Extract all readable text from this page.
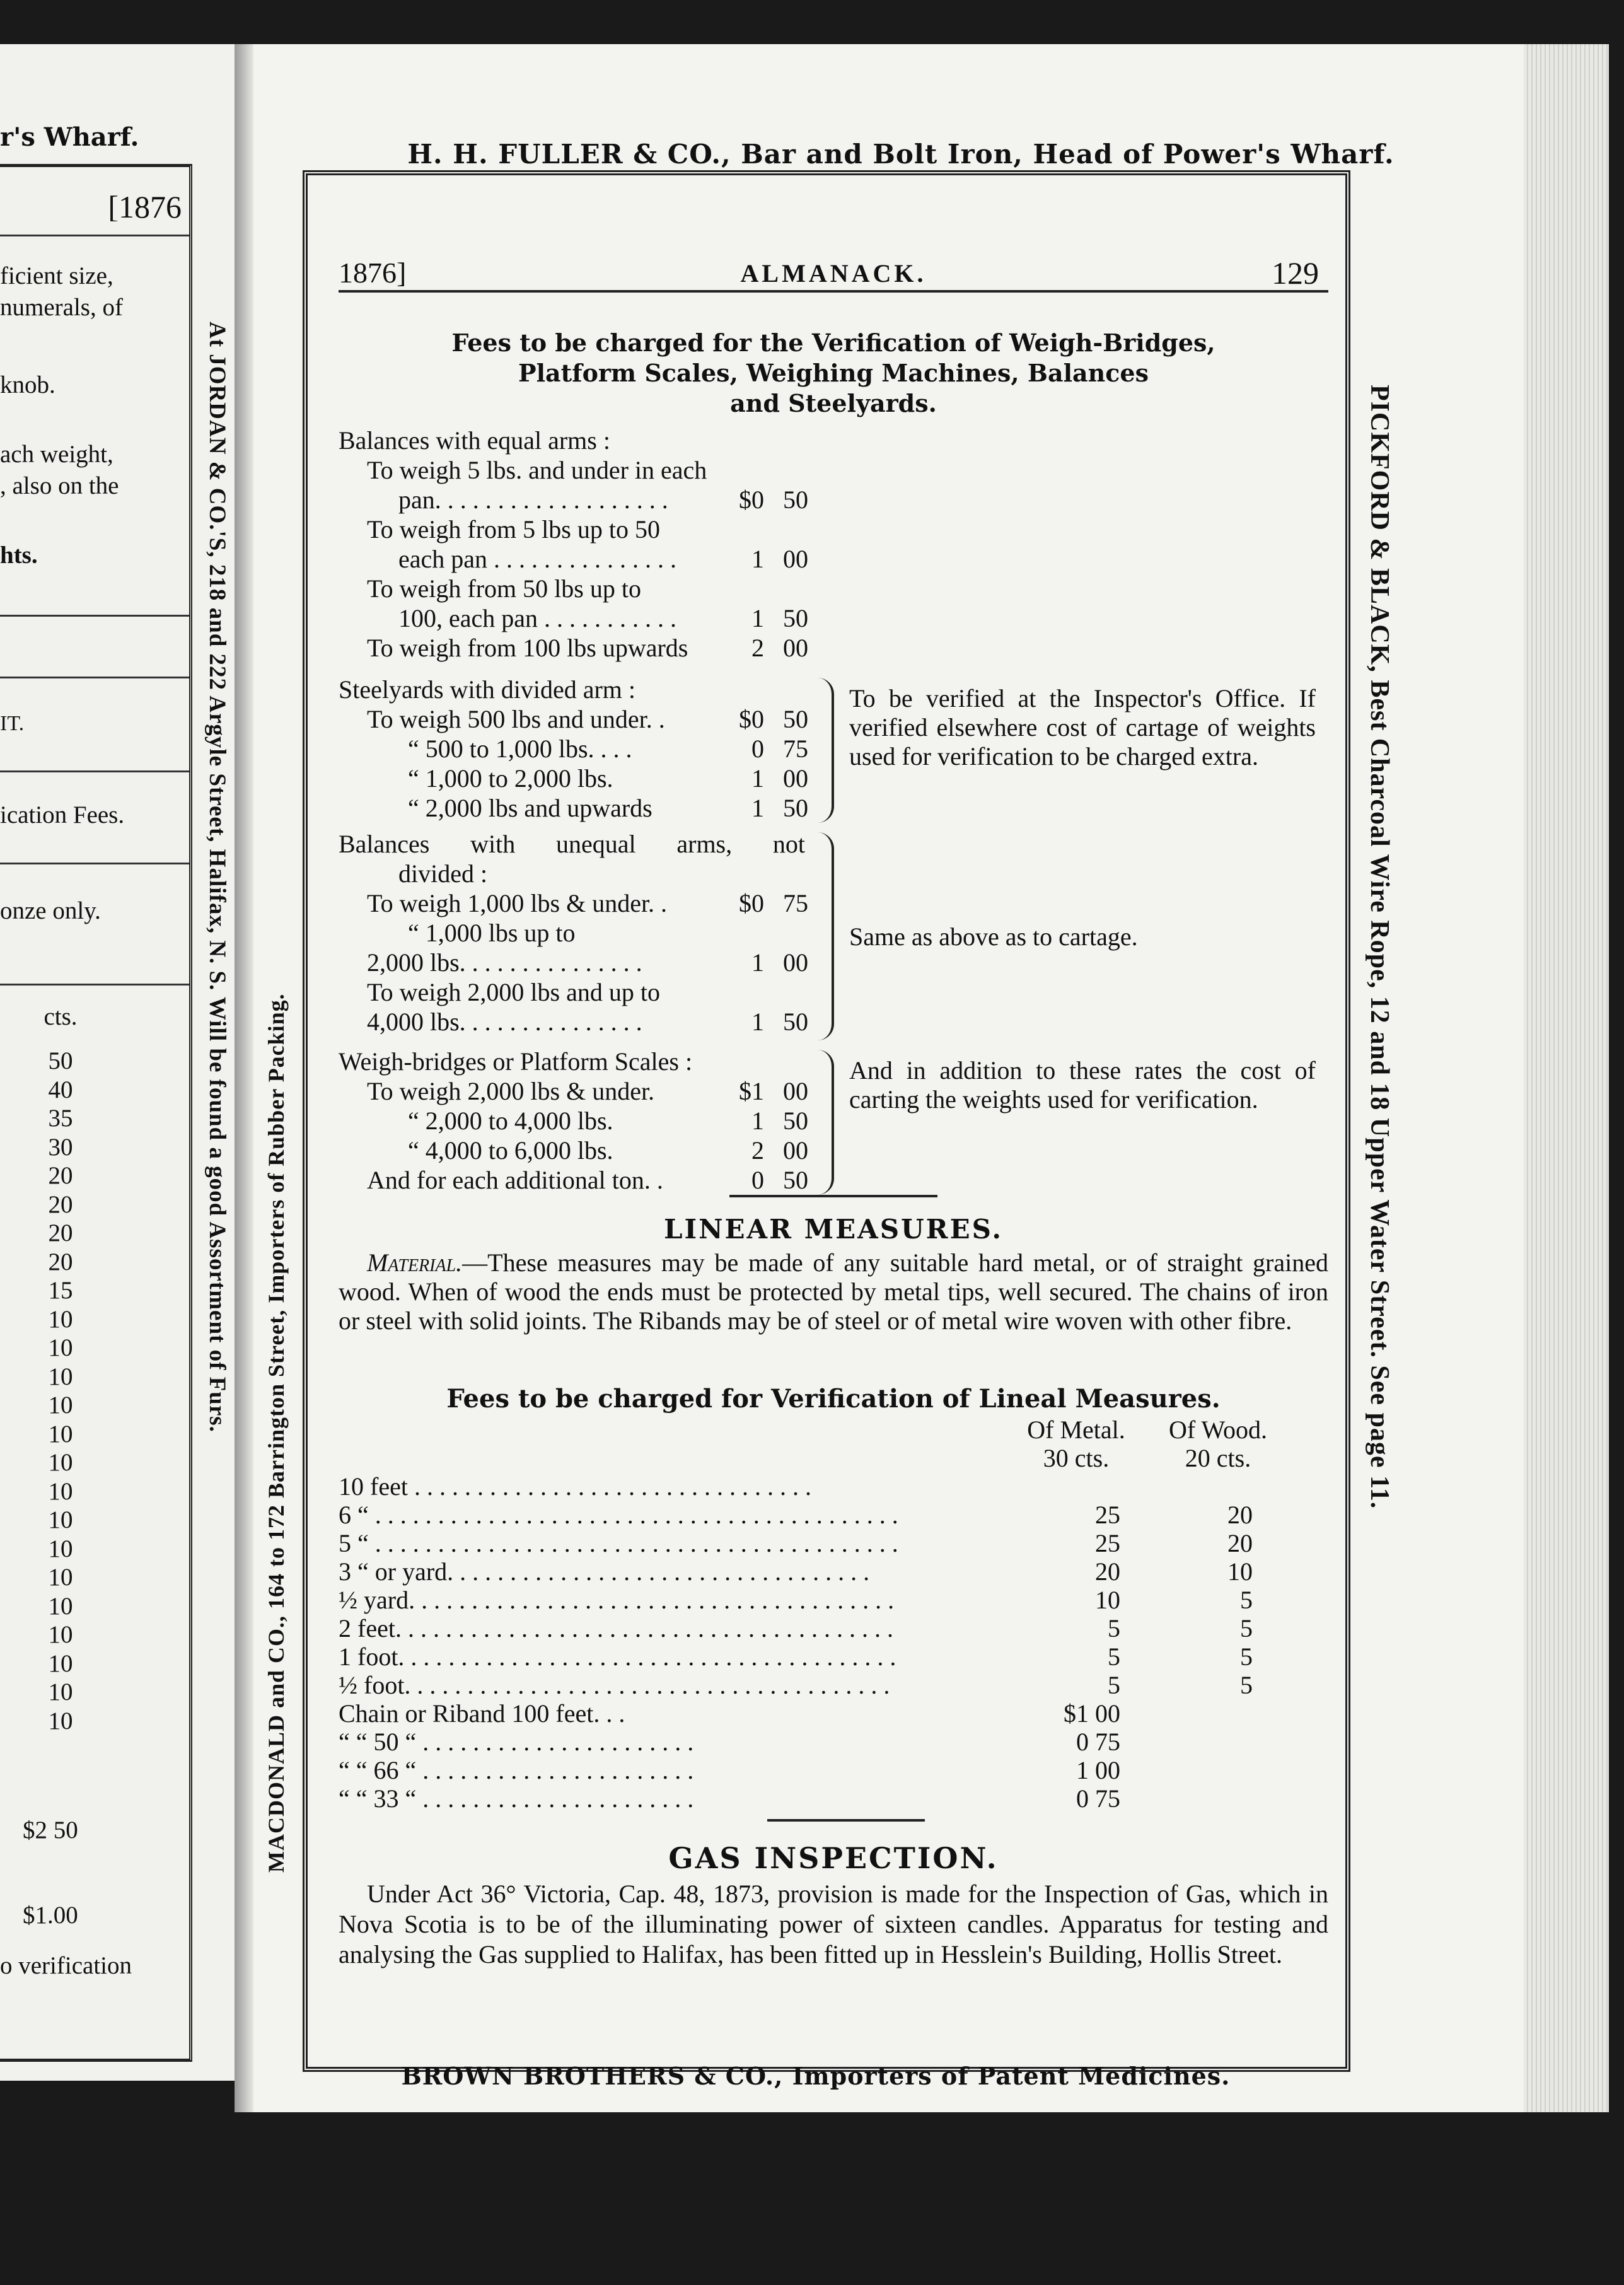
r's Wharf.
[1876
ficient size,
numerals, of
knob.
ach weight,
, also on the
hts.
IT.
ication Fees.
onze only.
cts.
50
40
35
30
20
20
20
20
15
10
10
10
10
10
10
10
10
10
10
10
10
10
10
10
$2 50
$1.00
o verification
At JORDAN & CO.'S, 218 and 222 Argyle Street, Halifax, N. S. Will be found a good Assortment of Furs.
H. H. FULLER & CO., Bar and Bolt Iron, Head of Power's Wharf.
MACDONALD and CO., 164 to 172 Barrington Street, Importers of Rubber Packing.	PICKFORD & BLACK, Best Charcoal Wire Rope, 12 and 18 Upper Water Street. See page 11.
BROWN BROTHERS & CO., Importers of Patent Medicines.
1876]	ALMANACK.	129
Fees to be charged for the Verification of Weigh-Bridges,
Platform Scales, Weighing Machines, Balances
and Steelyards.
Balances with equal arms :
To weigh 5 lbs. and under in each
pan. . . . . . . . . . . . . . . . . . .	$0 50
To weigh from 5 lbs up to 50
each pan . . . . . . . . . . . . . . .	1 00
To weigh from 50 lbs up to
100, each pan . . . . . . . . . . .	1 50
To weigh from 100 lbs upwards	2 00
Steelyards with divided arm :
To weigh 500 lbs and under. .	$0 50
“ 500 to 1,000 lbs. . . .	0 75
“ 1,000 to 2,000 lbs.	1 00
“ 2,000 lbs and upwards	1 50
To be verified at the Inspector's Office. If verified elsewhere cost of cartage of weights used for verification to be charged extra.
Balances with unequal arms, not
divided :
To weigh 1,000 lbs & under. .	$0 75
“ 1,000 lbs up to
2,000 lbs. . . . . . . . . . . . . . .	1 00
To weigh 2,000 lbs and up to
4,000 lbs. . . . . . . . . . . . . . .	1 50
Same as above as to cartage.
Weigh-bridges or Platform Scales :
To weigh 2,000 lbs & under.	$1 00
“ 2,000 to 4,000 lbs.	1 50
“ 4,000 to 6,000 lbs.	2 00
And for each additional ton. .	0 50
And in addition to these rates the cost of carting the weights used for verification.
LINEAR MEASURES.
Material.—These measures may be made of any suitable hard metal, or of straight grained wood. When of wood the ends must be protected by metal tips, well secured. The chains of iron or steel with solid joints. The Ribands may be of steel or of metal wire woven with other fibre.
Fees to be charged for Verification of Lineal Measures.
Of Metal.	Of Wood.
30 cts.	20 cts.
10 feet . . . . . . . . . . . . . . . . . . . . . . . . . . . . . . . .
6 “ . . . . . . . . . . . . . . . . . . . . . . . . . . . . . . . . . . . . . . . . . .	25	20
5 “ . . . . . . . . . . . . . . . . . . . . . . . . . . . . . . . . . . . . . . . . . .	25	20
3 “ or yard. . . . . . . . . . . . . . . . . . . . . . . . . . . . . . . . . .	20	10
½ yard. . . . . . . . . . . . . . . . . . . . . . . . . . . . . . . . . . . . . . .	10	5
2 feet. . . . . . . . . . . . . . . . . . . . . . . . . . . . . . . . . . . . . . . .	5	5
1 foot. . . . . . . . . . . . . . . . . . . . . . . . . . . . . . . . . . . . . . . .	5	5
½ foot. . . . . . . . . . . . . . . . . . . . . . . . . . . . . . . . . . . . . . .	5	5
Chain or Riband 100 feet. . .	$1 00
“ “ 50 “ . . . . . . . . . . . . . . . . . . . . . .	0 75
“ “ 66 “ . . . . . . . . . . . . . . . . . . . . . .	1 00
“ “ 33 “ . . . . . . . . . . . . . . . . . . . . . .	0 75
GAS INSPECTION.
Under Act 36° Victoria, Cap. 48, 1873, provision is made for the Inspection of Gas, which in Nova Scotia is to be of the illuminating power of sixteen candles. Apparatus for testing and analysing the Gas supplied to Halifax, has been fitted up in Hesslein's Building, Hollis Street.
